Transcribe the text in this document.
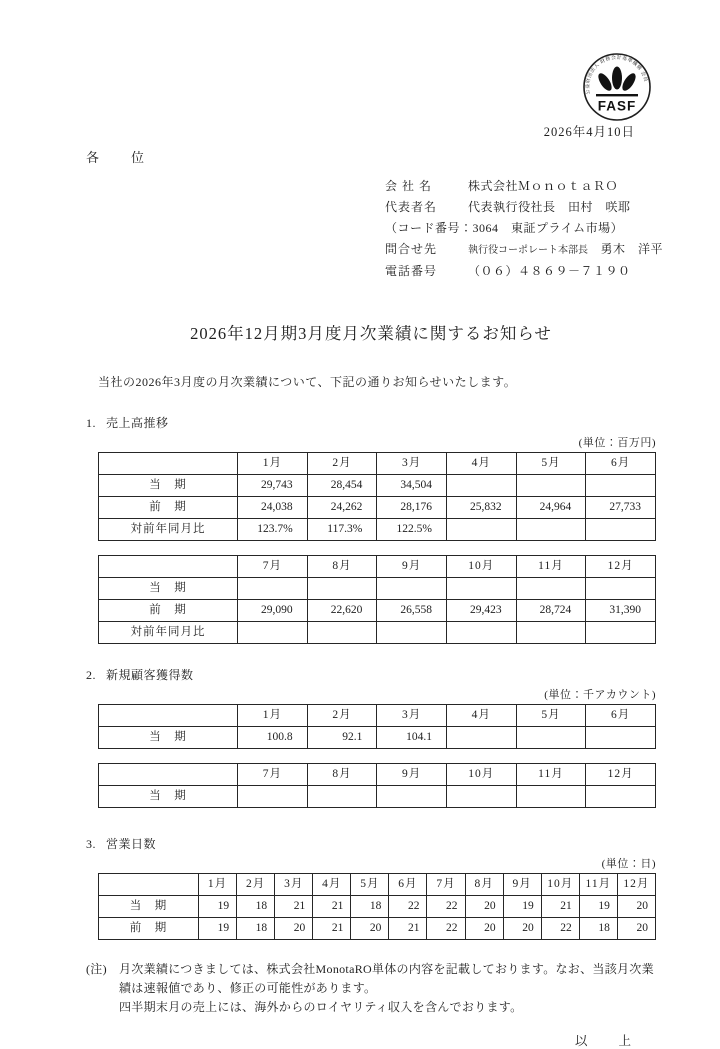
公益財団法人 財務会計基準機構 会員
FASF
2026年4月10日
各　　位
会 社 名	株式会社ＭｏｎｏｔａＲＯ
代表者名	代表執行役社長　田村　咲耶
（コード番号：3064　東証プライム市場）
問合せ先	執行役コーポレート本部長　 勇木　洋平
電話番号	（０６）４８６９－７１９０
2026年12月期3月度月次業績に関するお知らせ
当社の2026年3月度の月次業績について、下記の通りお知らせいたします。
1. 売上高推移
(単位：百万円)
	1月	2月	3月	4月	5月	6月
当　期	29,743	28,454	34,504			
前　期	24,038	24,262	28,176	25,832	24,964	27,733
対前年同月比	123.7%	117.3%	122.5%			
	7月	8月	9月	10月	11月	12月
当　期						
前　期	29,090	22,620	26,558	29,423	28,724	31,390
対前年同月比						
2. 新規顧客獲得数
(単位：千アカウント)
	1月	2月	3月	4月	5月	6月
当　期	100.8	92.1	104.1			
	7月	8月	9月	10月	11月	12月
当　期						
3. 営業日数
(単位：日)
	1月	2月	3月	4月	5月	6月	7月	8月	9月	10月	11月	12月
当　期	19	18	21	21	18	22	22	20	19	21	19	20
前　期	19	18	20	21	20	21	22	20	20	22	18	20
(注)	月次業績につきましては、株式会社MonotaRO単体の内容を記載しております。なお、当該月次業
績は速報値であり、修正の可能性があります。
四半期末月の売上には、海外からのロイヤリティ収入を含んでおります。
以　　上
